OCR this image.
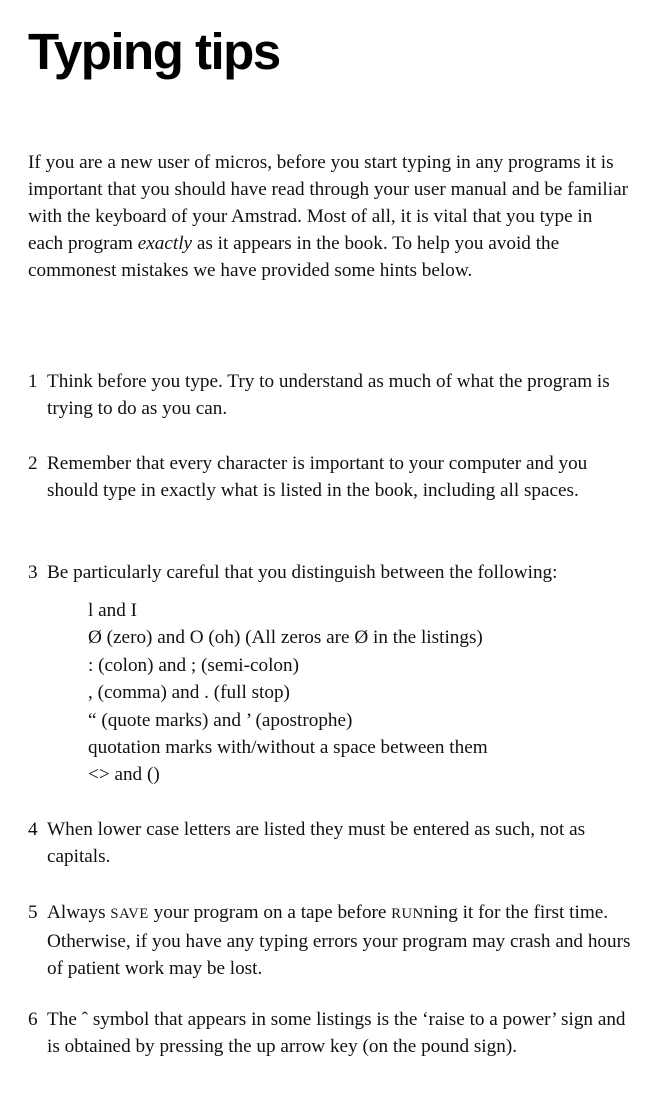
Typing tips

If you are a new user of micros, before you start typing in any programs it is important that you should have read through your user manual and be familiar with the keyboard of your Amstrad. Most of all, it is vital that you type in each program exactly as it appears in the book. To help you avoid the commonest mistakes we have provided some hints below.

1 Think before you type. Try to understand as much of what the program is trying to do as you can.
2 Remember that every character is important to your computer and you should type in exactly what is listed in the book, including all spaces.
3 Be particularly careful that you distinguish between the following:
l and I
Ø (zero) and O (oh) (All zeros are Ø in the listings)
: (colon) and ; (semi-colon)
, (comma) and . (full stop)
“ (quote marks) and ’ (apostrophe)
quotation marks with/without a space between them
<> and ()
4 When lower case letters are listed they must be entered as such, not as capitals.
5 Always SAVE your program on a tape before RUNning it for the first time. Otherwise, if you have any typing errors your program may crash and hours of patient work may be lost.
6 The ˆ symbol that appears in some listings is the ‘raise to a power’ sign and is obtained by pressing the up arrow key (on the pound sign).
